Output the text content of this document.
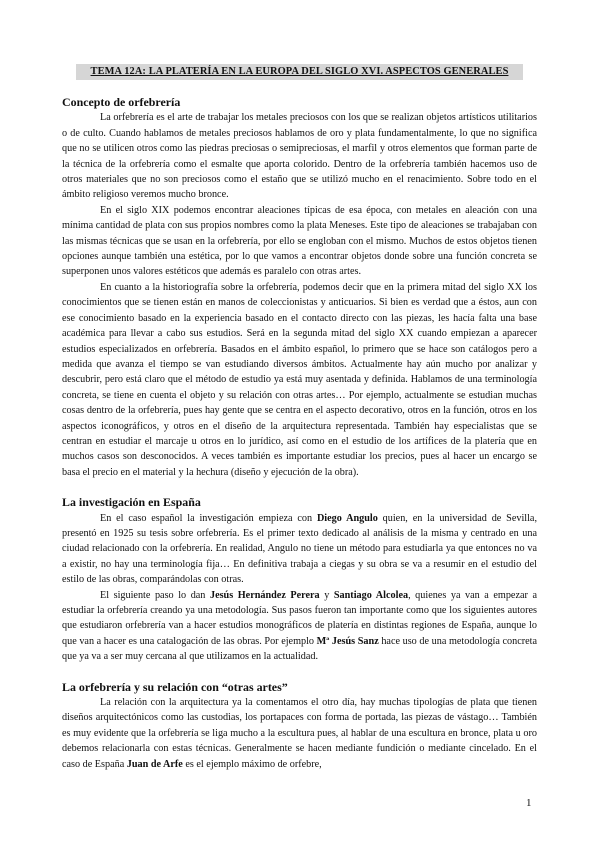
TEMA 12A: LA PLATERÍA EN LA EUROPA DEL SIGLO XVI. ASPECTOS GENERALES
Concepto de orfebrería

La orfebrería es el arte de trabajar los metales preciosos con los que se realizan objetos artísticos utilitarios o de culto. Cuando hablamos de metales preciosos hablamos de oro y plata fundamentalmente, lo que no significa que no se utilicen otros como las piedras preciosas o semipreciosas, el marfil y otros elementos que forman parte de la técnica de la orfebrería como el esmalte que aporta colorido. Dentro de la orfebrería también hacemos uso de otros materiales que no son preciosos como el estaño que se utilizó mucho en el renacimiento. Sobre todo en el ámbito religioso veremos mucho bronce.

En el siglo XIX podemos encontrar aleaciones típicas de esa época, con metales en aleación con una mínima cantidad de plata con sus propios nombres como la plata Meneses. Este tipo de aleaciones se trabajaban con las mismas técnicas que se usan en la orfebrería, por ello se engloban con el mismo. Muchos de estos objetos tienen opciones aunque también una estética, por lo que vamos a encontrar objetos donde sobre una función concreta se superponen unos valores estéticos que además es paralelo con otras artes.

En cuanto a la historiografía sobre la orfebrería, podemos decir que en la primera mitad del siglo XX los conocimientos que se tienen están en manos de coleccionistas y anticuarios. Si bien es verdad que a éstos, aun con ese conocimiento basado en la experiencia basado en el contacto directo con las piezas, les hacía falta una base académica para llevar a cabo sus estudios. Será en la segunda mitad del siglo XX cuando empiezan a aparecer estudios especializados en orfebrería. Basados en el ámbito español, lo primero que se hace son catálogos pero a medida que avanza el tiempo se van estudiando diversos ámbitos. Actualmente hay aún mucho por analizar y descubrir, pero está claro que el método de estudio ya está muy asentada y definida. Hablamos de una terminología concreta, se tiene en cuenta el objeto y su relación con otras artes… Por ejemplo, actualmente se estudian muchas cosas dentro de la orfebrería, pues hay gente que se centra en el aspecto decorativo, otros en la función, otros en los aspectos iconográficos, y otros en el diseño de la arquitectura representada. También hay especialistas que se centran en estudiar el marcaje u otros en lo jurídico, así como en el estudio de los artífices de la platería que en muchos casos son desconocidos. A veces también es importante estudiar los precios, pues al hacer un encargo se basa el precio en el material y la hechura (diseño y ejecución de la obra).

La investigación en España

En el caso español la investigación empieza con Diego Angulo quien, en la universidad de Sevilla, presentó en 1925 su tesis sobre orfebrería. Es el primer texto dedicado al análisis de la misma y centrado en una ciudad relacionado con la orfebrería. En realidad, Angulo no tiene un método para estudiarla ya que entonces no va a existir, no hay una terminología fija… En definitiva trabaja a ciegas y su obra se va a resumir en el estudio del estilo de las obras, comparándolas con otras.

El siguiente paso lo dan Jesús Hernández Perera y Santiago Alcolea, quienes ya van a empezar a estudiar la orfebrería creando ya una metodología. Sus pasos fueron tan importante como que los siguientes autores que estudiaron orfebrería van a hacer estudios monográficos de platería en distintas regiones de España, aunque lo que van a hacer es una catalogación de las obras. Por ejemplo Mª Jesús Sanz hace uso de una metodología concreta que ya va a ser muy cercana al que utilizamos en la actualidad.

La orfebrería y su relación con “otras artes”

La relación con la arquitectura ya la comentamos el otro día, hay muchas tipologías de plata que tienen diseños arquitectónicos como las custodias, los portapaces con forma de portada, las piezas de vástago… También es muy evidente que la orfebrería se liga mucho a la escultura pues, al hablar de una escultura en bronce, plata u oro debemos relacionarla con estas técnicas. Generalmente se hacen mediante fundición o mediante cincelado. En el caso de España Juan de Arfe es el ejemplo máximo de orfebre,

1
